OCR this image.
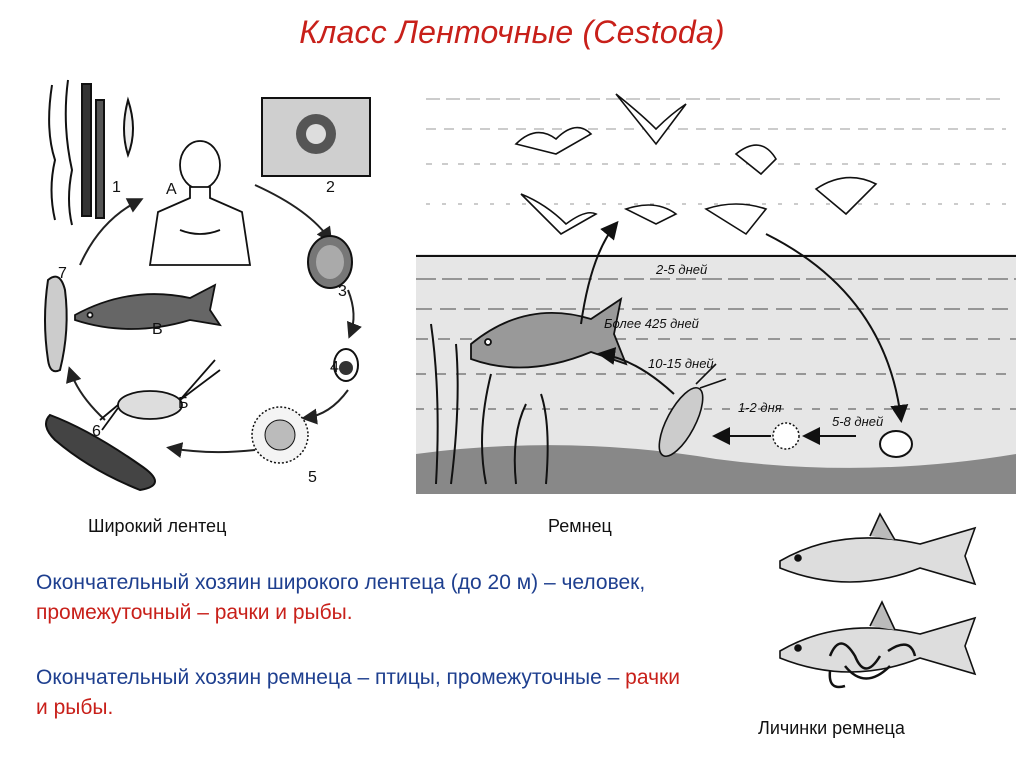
Класс Ленточные (Cestoda)
1	2
3
4
5
6
7
А
Б
В
2-5 дней
Более 425 дней
10-15 дней
1-2 дня
5-8 дней
Широкий лентец	Ремнец
Личинки ремнеца
Окончательный хозяин широкого лентеца (до 20 м) – человек, промежуточный – рачки и рыбы.
Окончательный хозяин ремнеца – птицы, промежуточные – рачки и рыбы.
